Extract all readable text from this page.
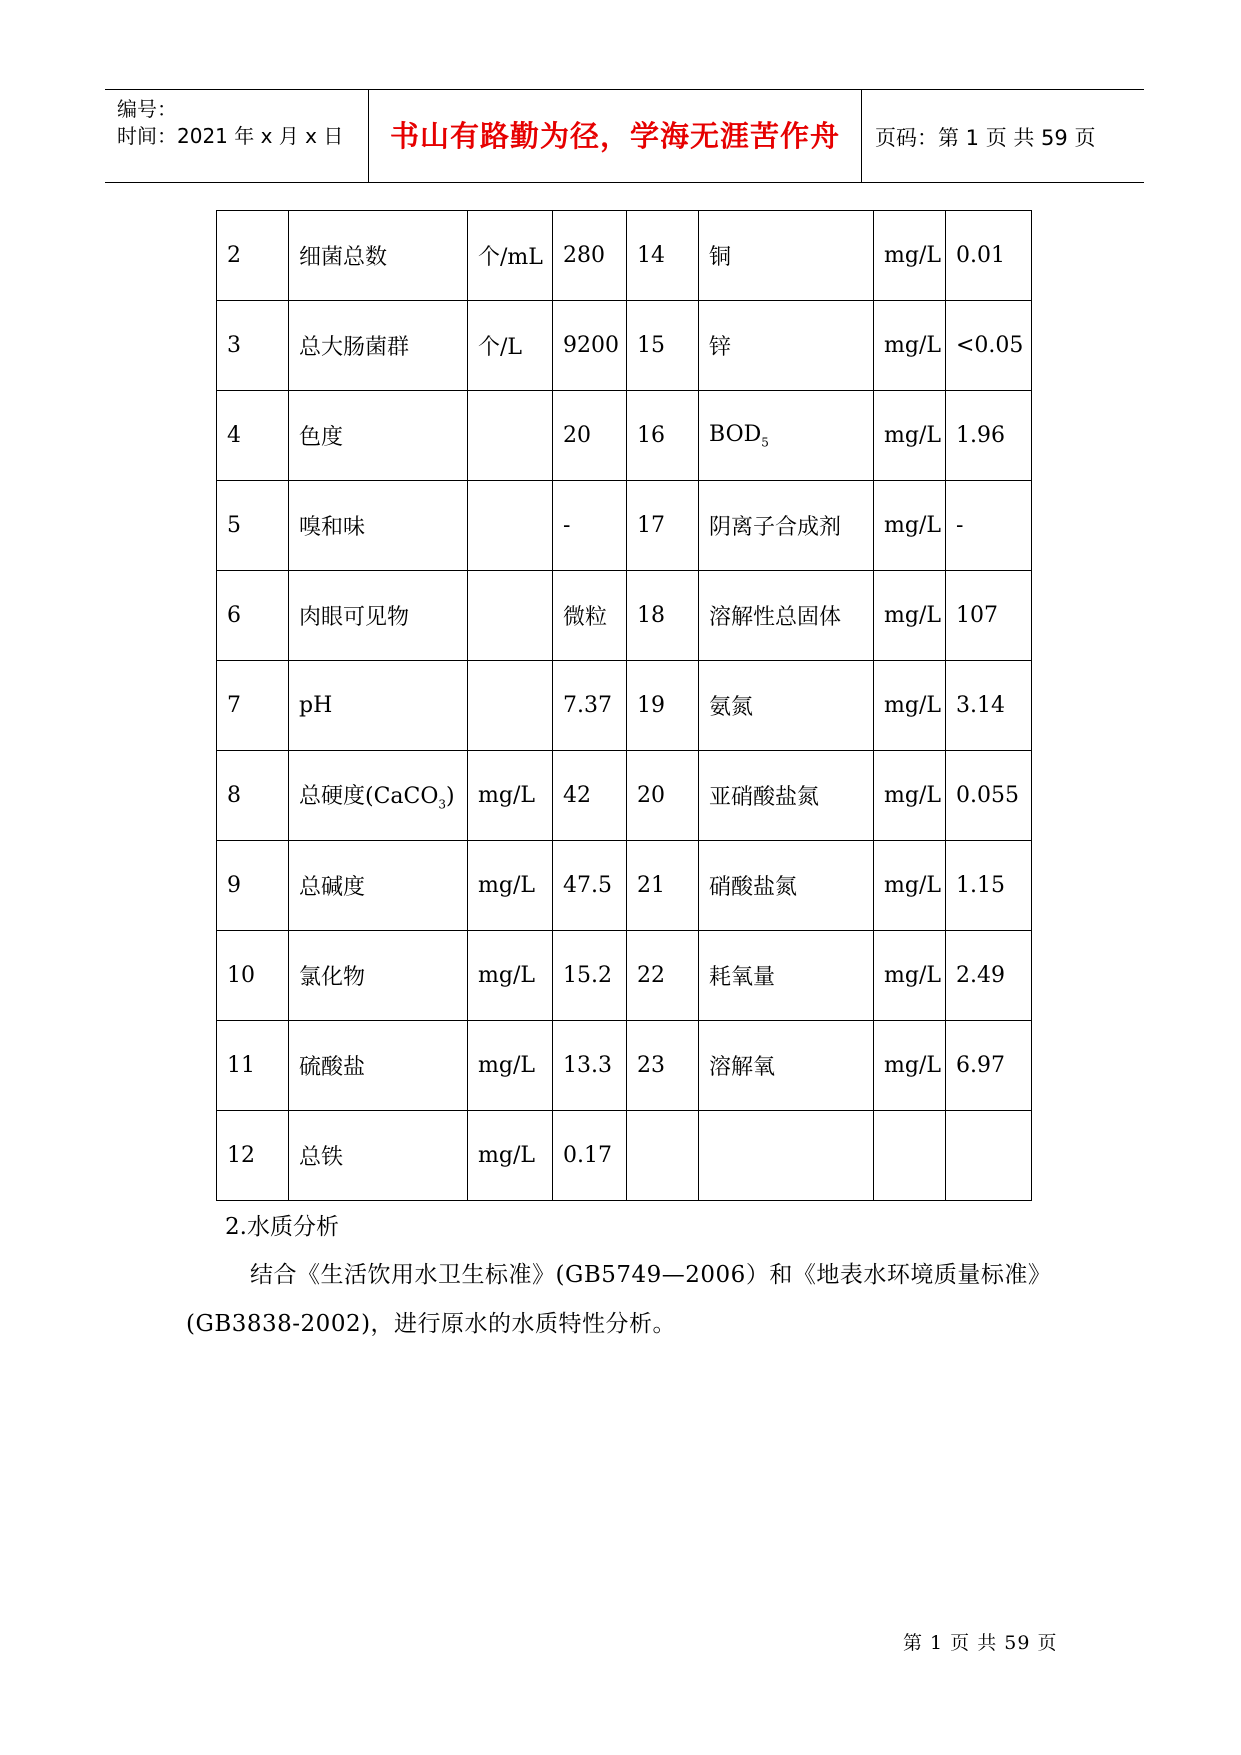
编号：
时间：2021 年 x 月 x 日	书山有路勤为径，学海无涯苦作舟	页码：第 1 页 共 59 页
2	细菌总数	个/mL	280	14	铜	mg/L	0.01
3	总大肠菌群	个/L	9200	15	锌	mg/L	<0.05
4	色度		20	16	$BOD_5$	mg/L	1.96
5	嗅和味		-	17	阴离子合成剂	mg/L	-
6	肉眼可见物		微粒	18	溶解性总固体	mg/L	107
7	pH		7.37	19	氨氮	mg/L	3.14
8	总硬度(CaCO$_3$)	mg/L	42	20	亚硝酸盐氮	mg/L	0.055
9	总碱度	mg/L	47.5	21	硝酸盐氮	mg/L	1.15
10	氯化物	mg/L	15.2	22	耗氧量	mg/L	2.49
11	硫酸盐	mg/L	13.3	23	溶解氧	mg/L	6.97
12	总铁	mg/L	0.17				
2.水质分析
结合《生活饮用水卫生标准》(GB5749—2006）和《地表水环境质量标准》
(GB3838-2002)，进行原水的水质特性分析。
第 1 页 共 59 页
